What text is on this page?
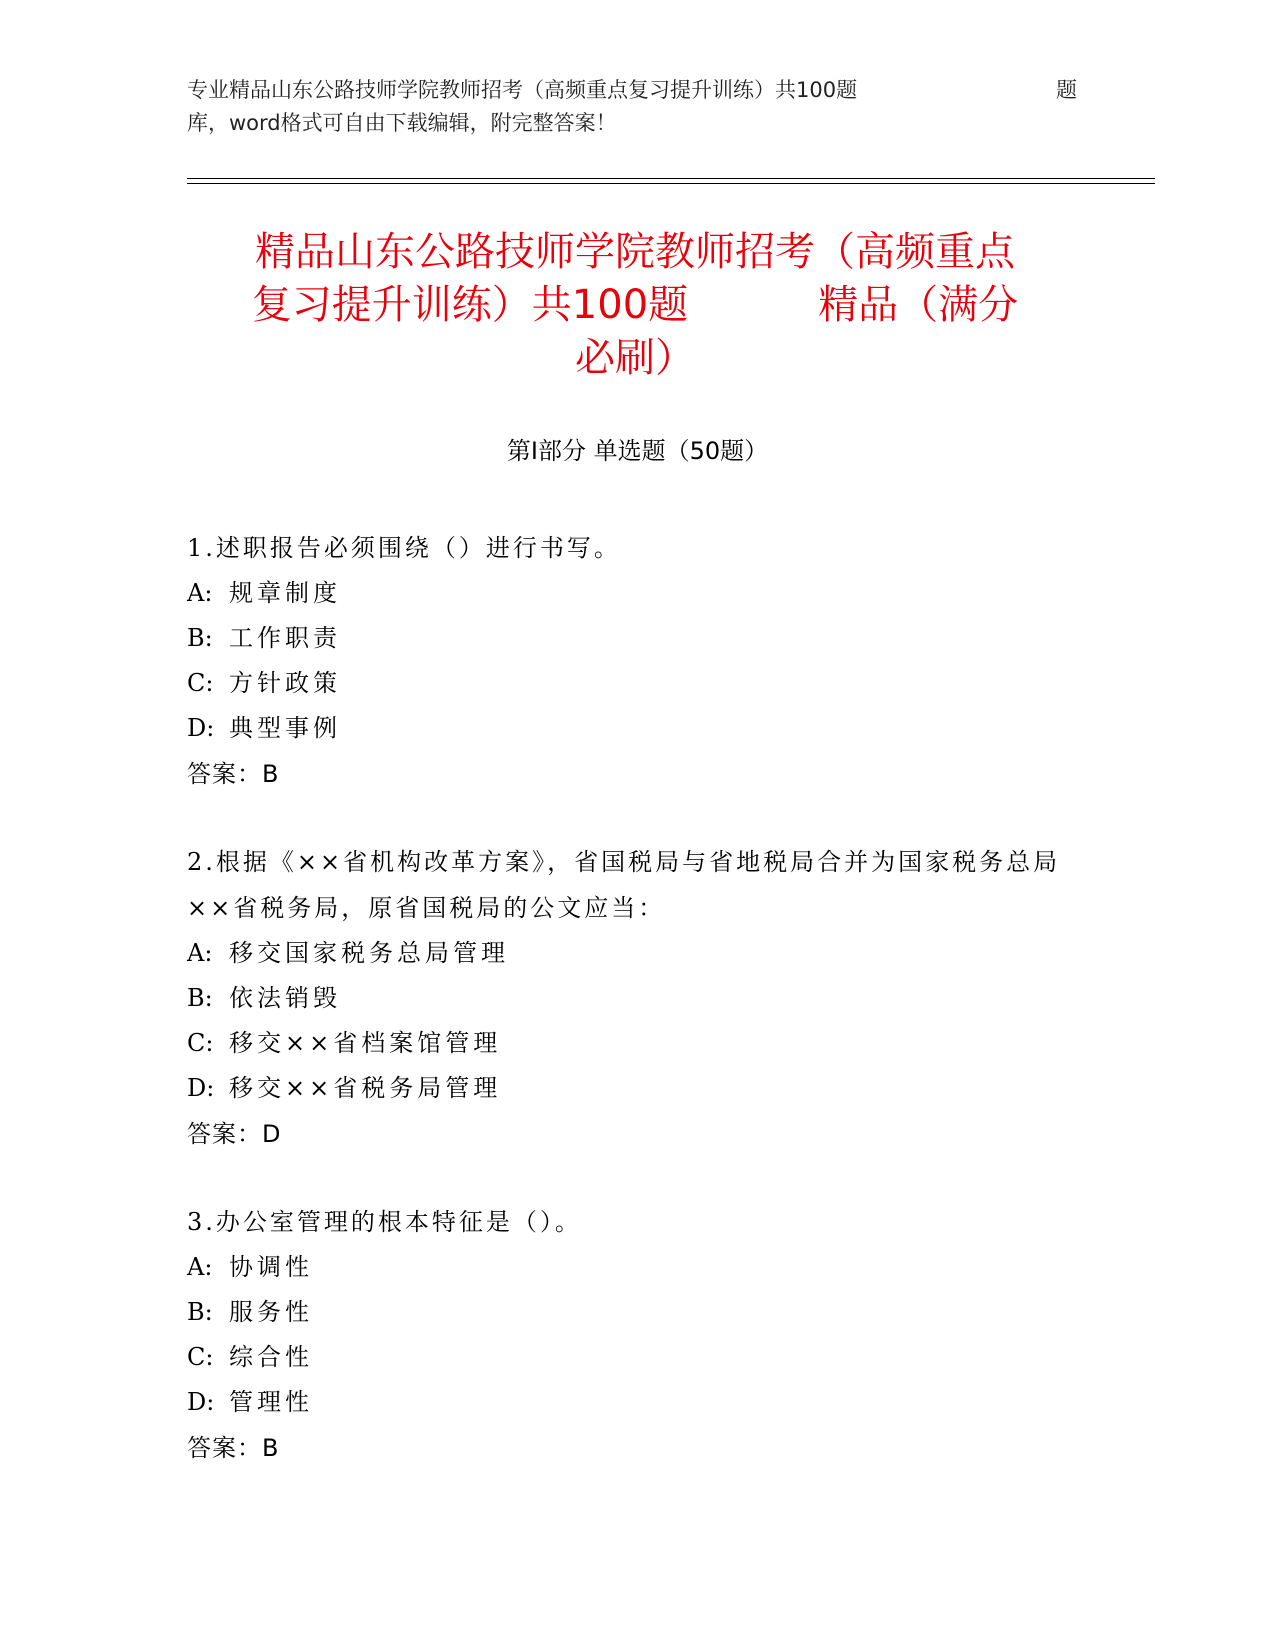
专业精品山东公路技师学院教师招考（高频重点复习提升训练）共100题	题
库，word格式可自由下载编辑，附完整答案！
精品山东公路技师学院教师招考（高频重点
复习提升训练）共100题	精品（满分
必刷）
第Ⅰ部分 单选题（50题）
1.述职报告必须围绕（）进行书写。
A: 规章制度
B: 工作职责
C: 方针政策
D: 典型事例
答案：B
2.根据《××省机构改革方案》，省国税局与省地税局合并为国家税务总局××省税务局，原省国税局的公文应当：
A: 移交国家税务总局管理
B: 依法销毁
C: 移交××省档案馆管理
D: 移交××省税务局管理
答案：D
3.办公室管理的根本特征是（）。
A: 协调性
B: 服务性
C: 综合性
D: 管理性
答案：B
